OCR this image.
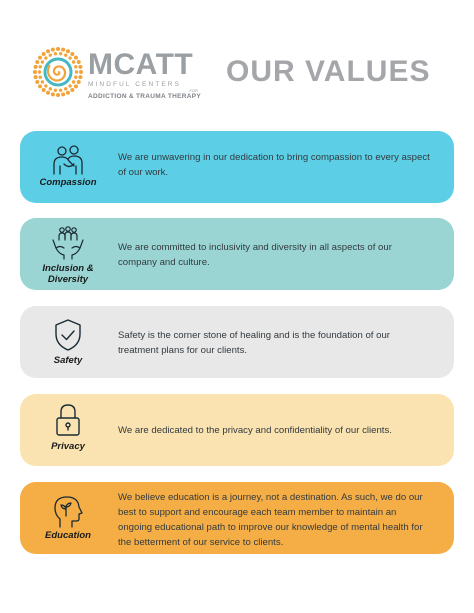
MCATT
MINDFUL CENTERS
FOR
ADDICTION & TRAUMA THERAPY
OUR VALUES
Compassion
We are unwavering in our dedication to bring compassion to every aspect of our work.
Inclusion &
Diversity
We are committed to inclusivity and diversity in all aspects of our company and culture.
Safety
Safety is the corner stone of healing and is the foundation of our treatment plans for our clients.
Privacy
We are dedicated to the privacy and confidentiality of our clients.
Education
We believe education is a journey, not a destination. As such, we do our best to support and encourage each team member to maintain an ongoing educational path to improve our knowledge of mental health for the betterment of our service to clients.
